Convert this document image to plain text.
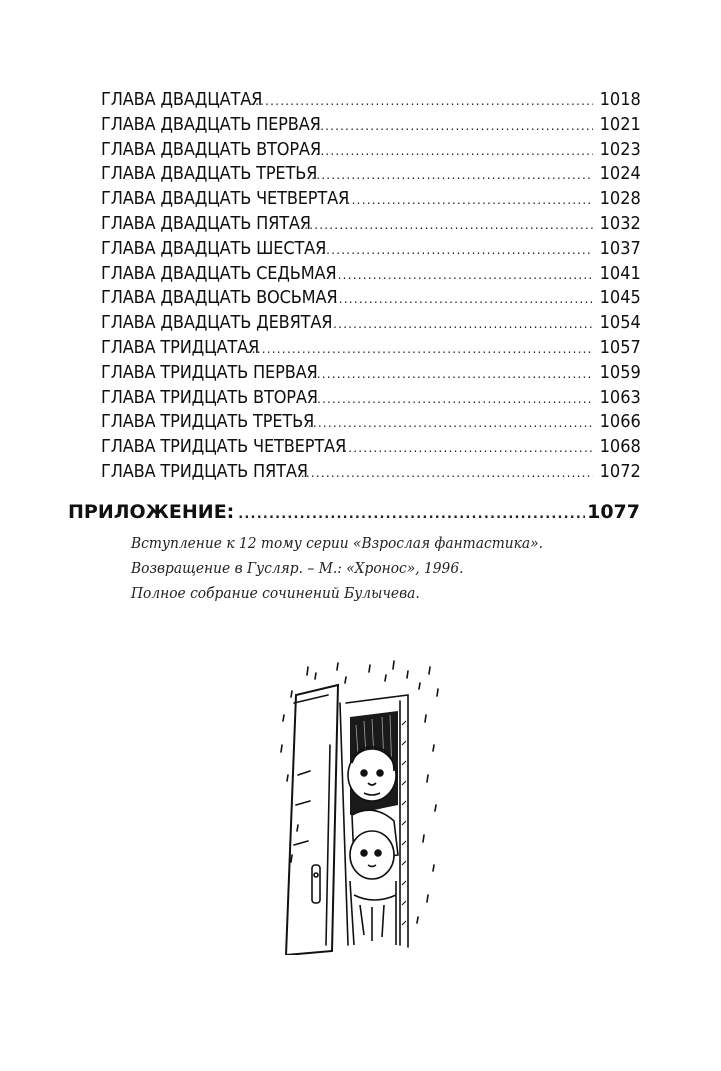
ГЛАВА ДВАДЦАТАЯ .....	1018
ГЛАВА ДВАДЦАТЬ ПЕРВАЯ .....	1021
ГЛАВА ДВАДЦАТЬ ВТОРАЯ .....	1023
ГЛАВА ДВАДЦАТЬ ТРЕТЬЯ .....	1024
ГЛАВА ДВАДЦАТЬ ЧЕТВЕРТАЯ .....	1028
ГЛАВА ДВАДЦАТЬ ПЯТАЯ .....	1032
ГЛАВА ДВАДЦАТЬ ШЕСТАЯ .....	1037
ГЛАВА ДВАДЦАТЬ СЕДЬМАЯ .....	1041
ГЛАВА ДВАДЦАТЬ ВОСЬМАЯ .....	1045
ГЛАВА ДВАДЦАТЬ ДЕВЯТАЯ .....	1054
ГЛАВА ТРИДЦАТАЯ .....	1057
ГЛАВА ТРИДЦАТЬ ПЕРВАЯ .....	1059
ГЛАВА ТРИДЦАТЬ ВТОРАЯ .....	1063
ГЛАВА ТРИДЦАТЬ ТРЕТЬЯ .....	1066
ГЛАВА ТРИДЦАТЬ ЧЕТВЕРТАЯ .....	1068
ГЛАВА ТРИДЦАТЬ ПЯТАЯ .....	1072
ПРИЛОЖЕНИЕ: .....	1077
Вступление к 12 тому серии «Взрослая фантастика».
Возвращение в Гусляр. – М.: «Хронос», 1996.
Полное собрание сочинений Булычева.
